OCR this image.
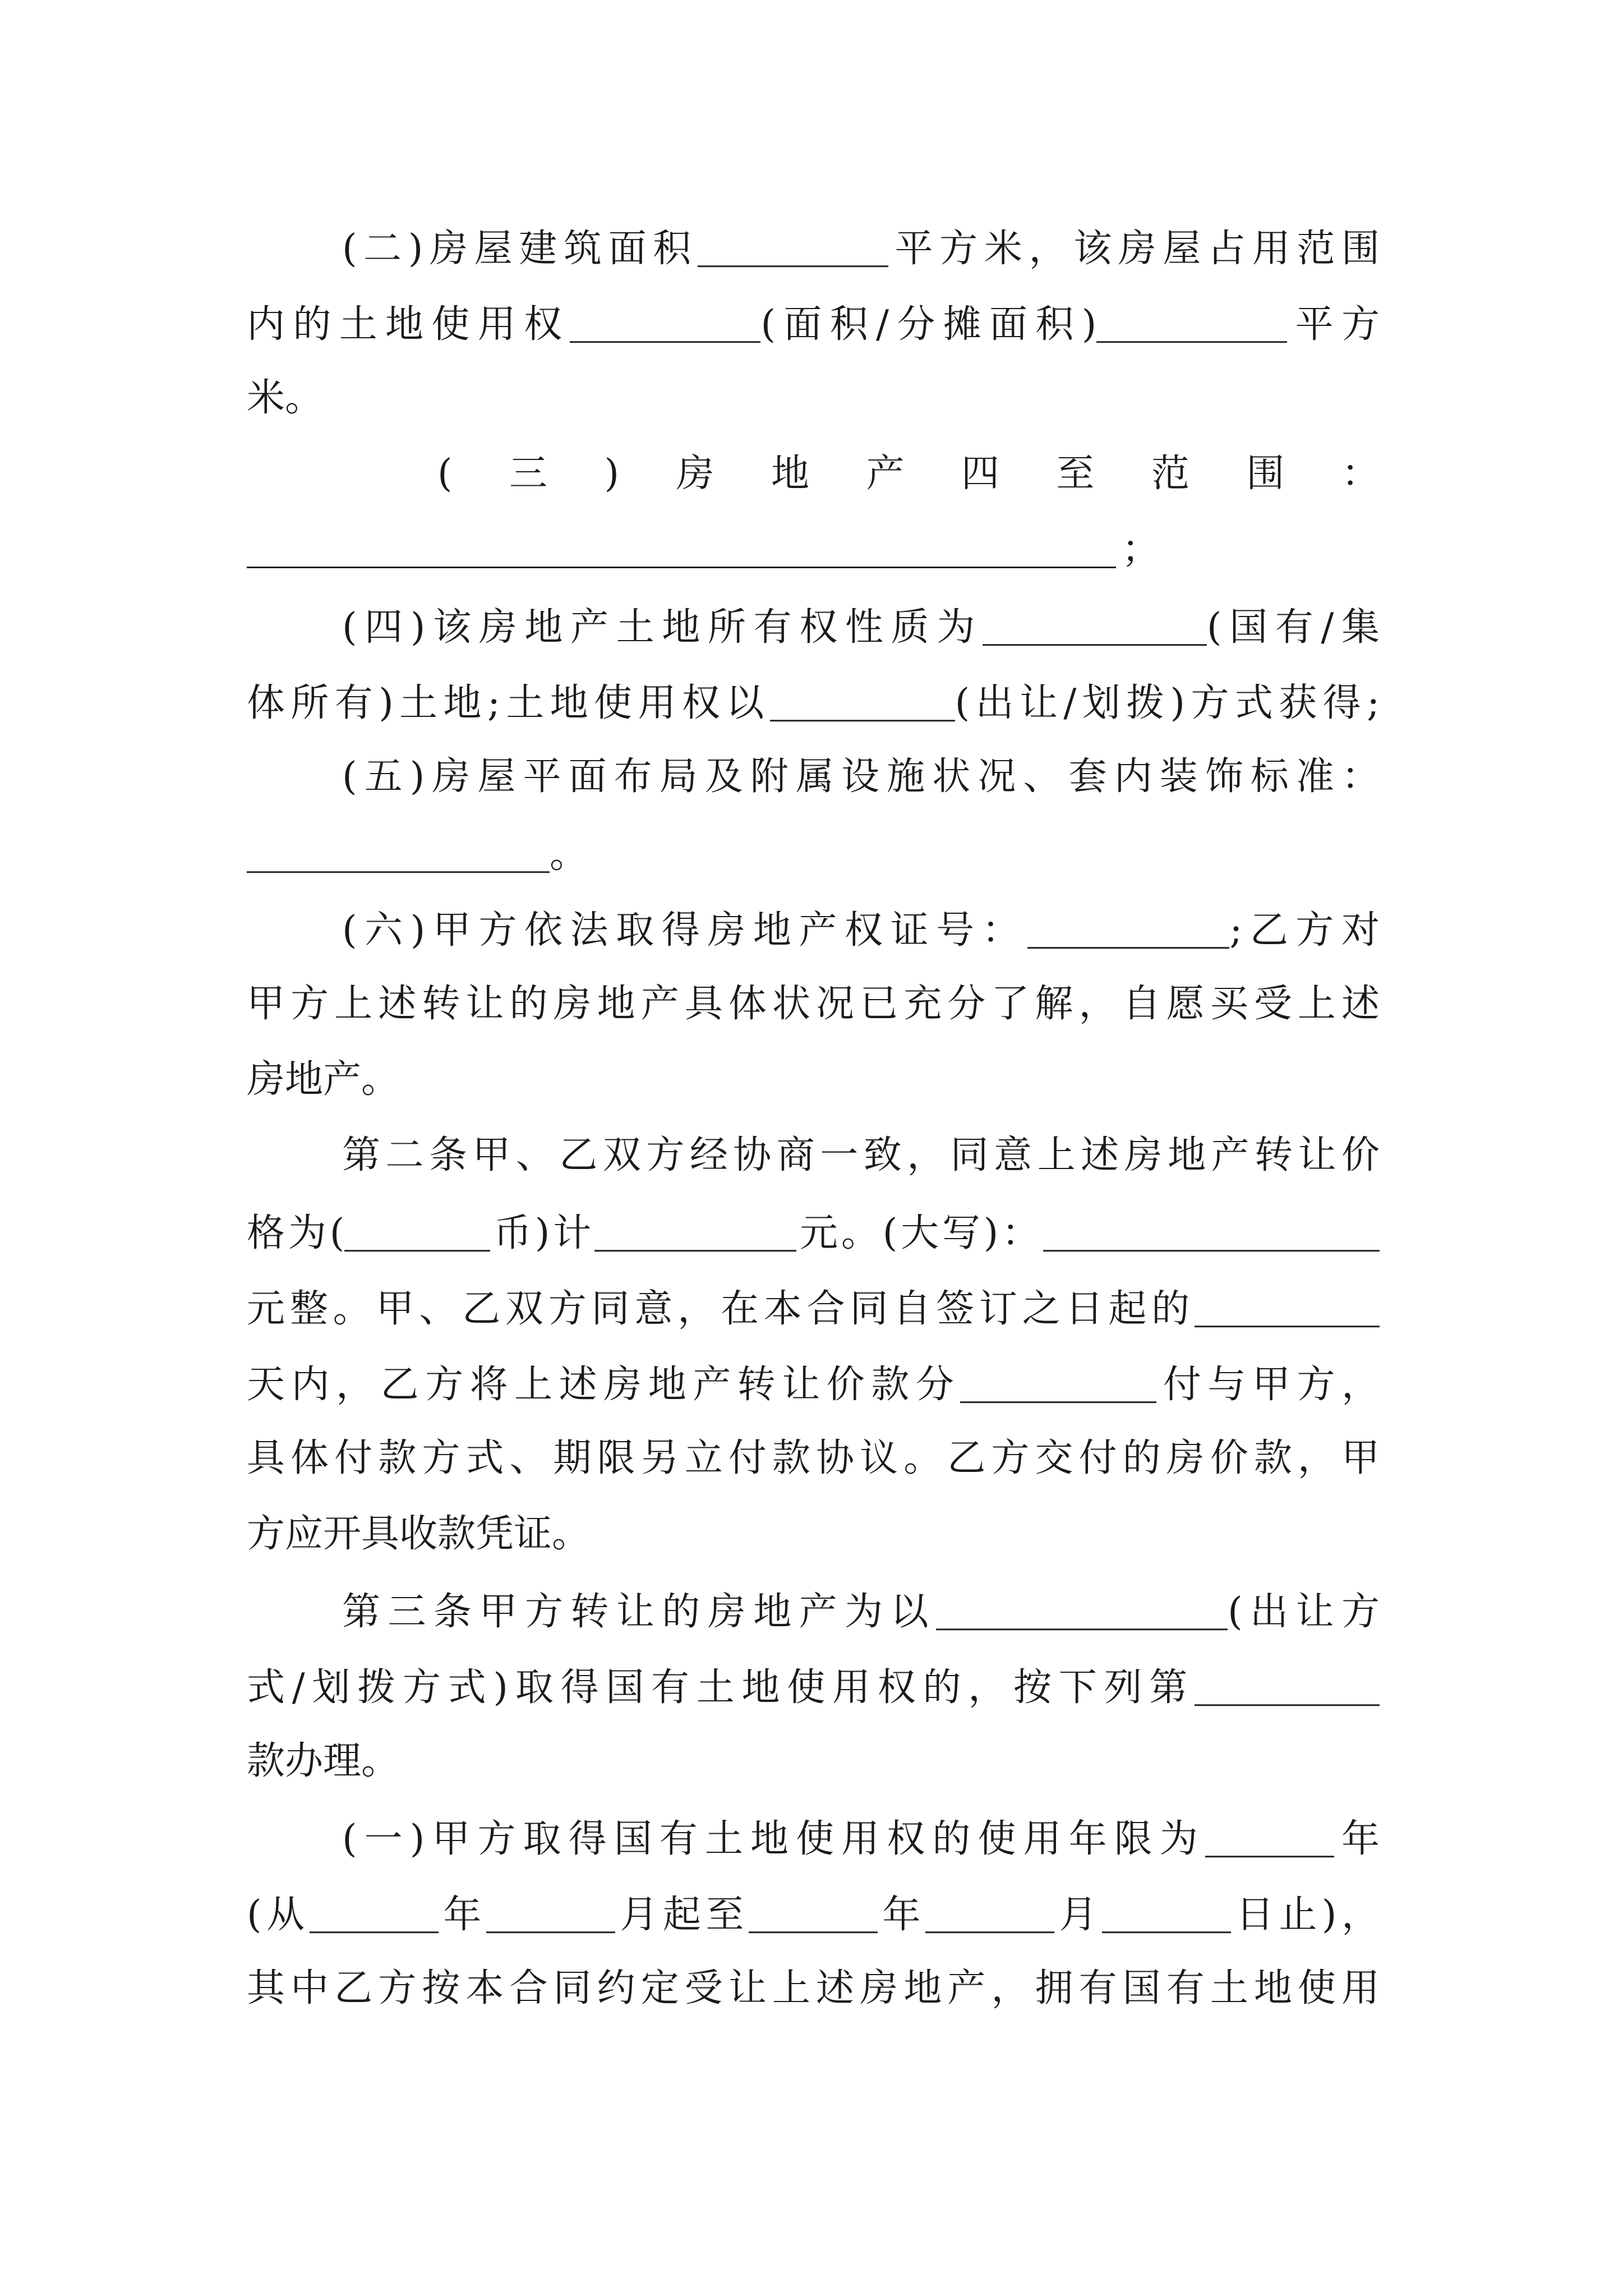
(二)房屋建筑面积	平方米，该房屋占用范围
内的土地使用权	(面积/分摊面积)	平方
米。
( 三 ) 房 地 产 四 至 范 围 ：
；
(四)该房地产土地所有权性质为	(国有/集
体所有)土地;土地使用权以	(出让/划拨)方式获得;
(五)房屋平面布局及附属设施状况、套内装饰标准：
。
(六)甲方依法取得房地产权证号：	;乙方对
甲方上述转让的房地产具体状况已充分了解，自愿买受上述
房地产。
第二条甲、乙双方经协商一致，同意上述房地产转让价
格为(	币)计	元。(大写)：
元整。甲、乙双方同意，在本合同自签订之日起的
天内，乙方将上述房地产转让价款分	付与甲方，
具体付款方式、期限另立付款协议。乙方交付的房价款，甲
方应开具收款凭证。
第三条甲方转让的房地产为以	(出让方
式/划拨方式)取得国有土地使用权的，按下列第
款办理。
(一)甲方取得国有土地使用权的使用年限为	年
(从	年	月起至	年	月	日止)，
其中乙方按本合同约定受让上述房地产，拥有国有土地使用
